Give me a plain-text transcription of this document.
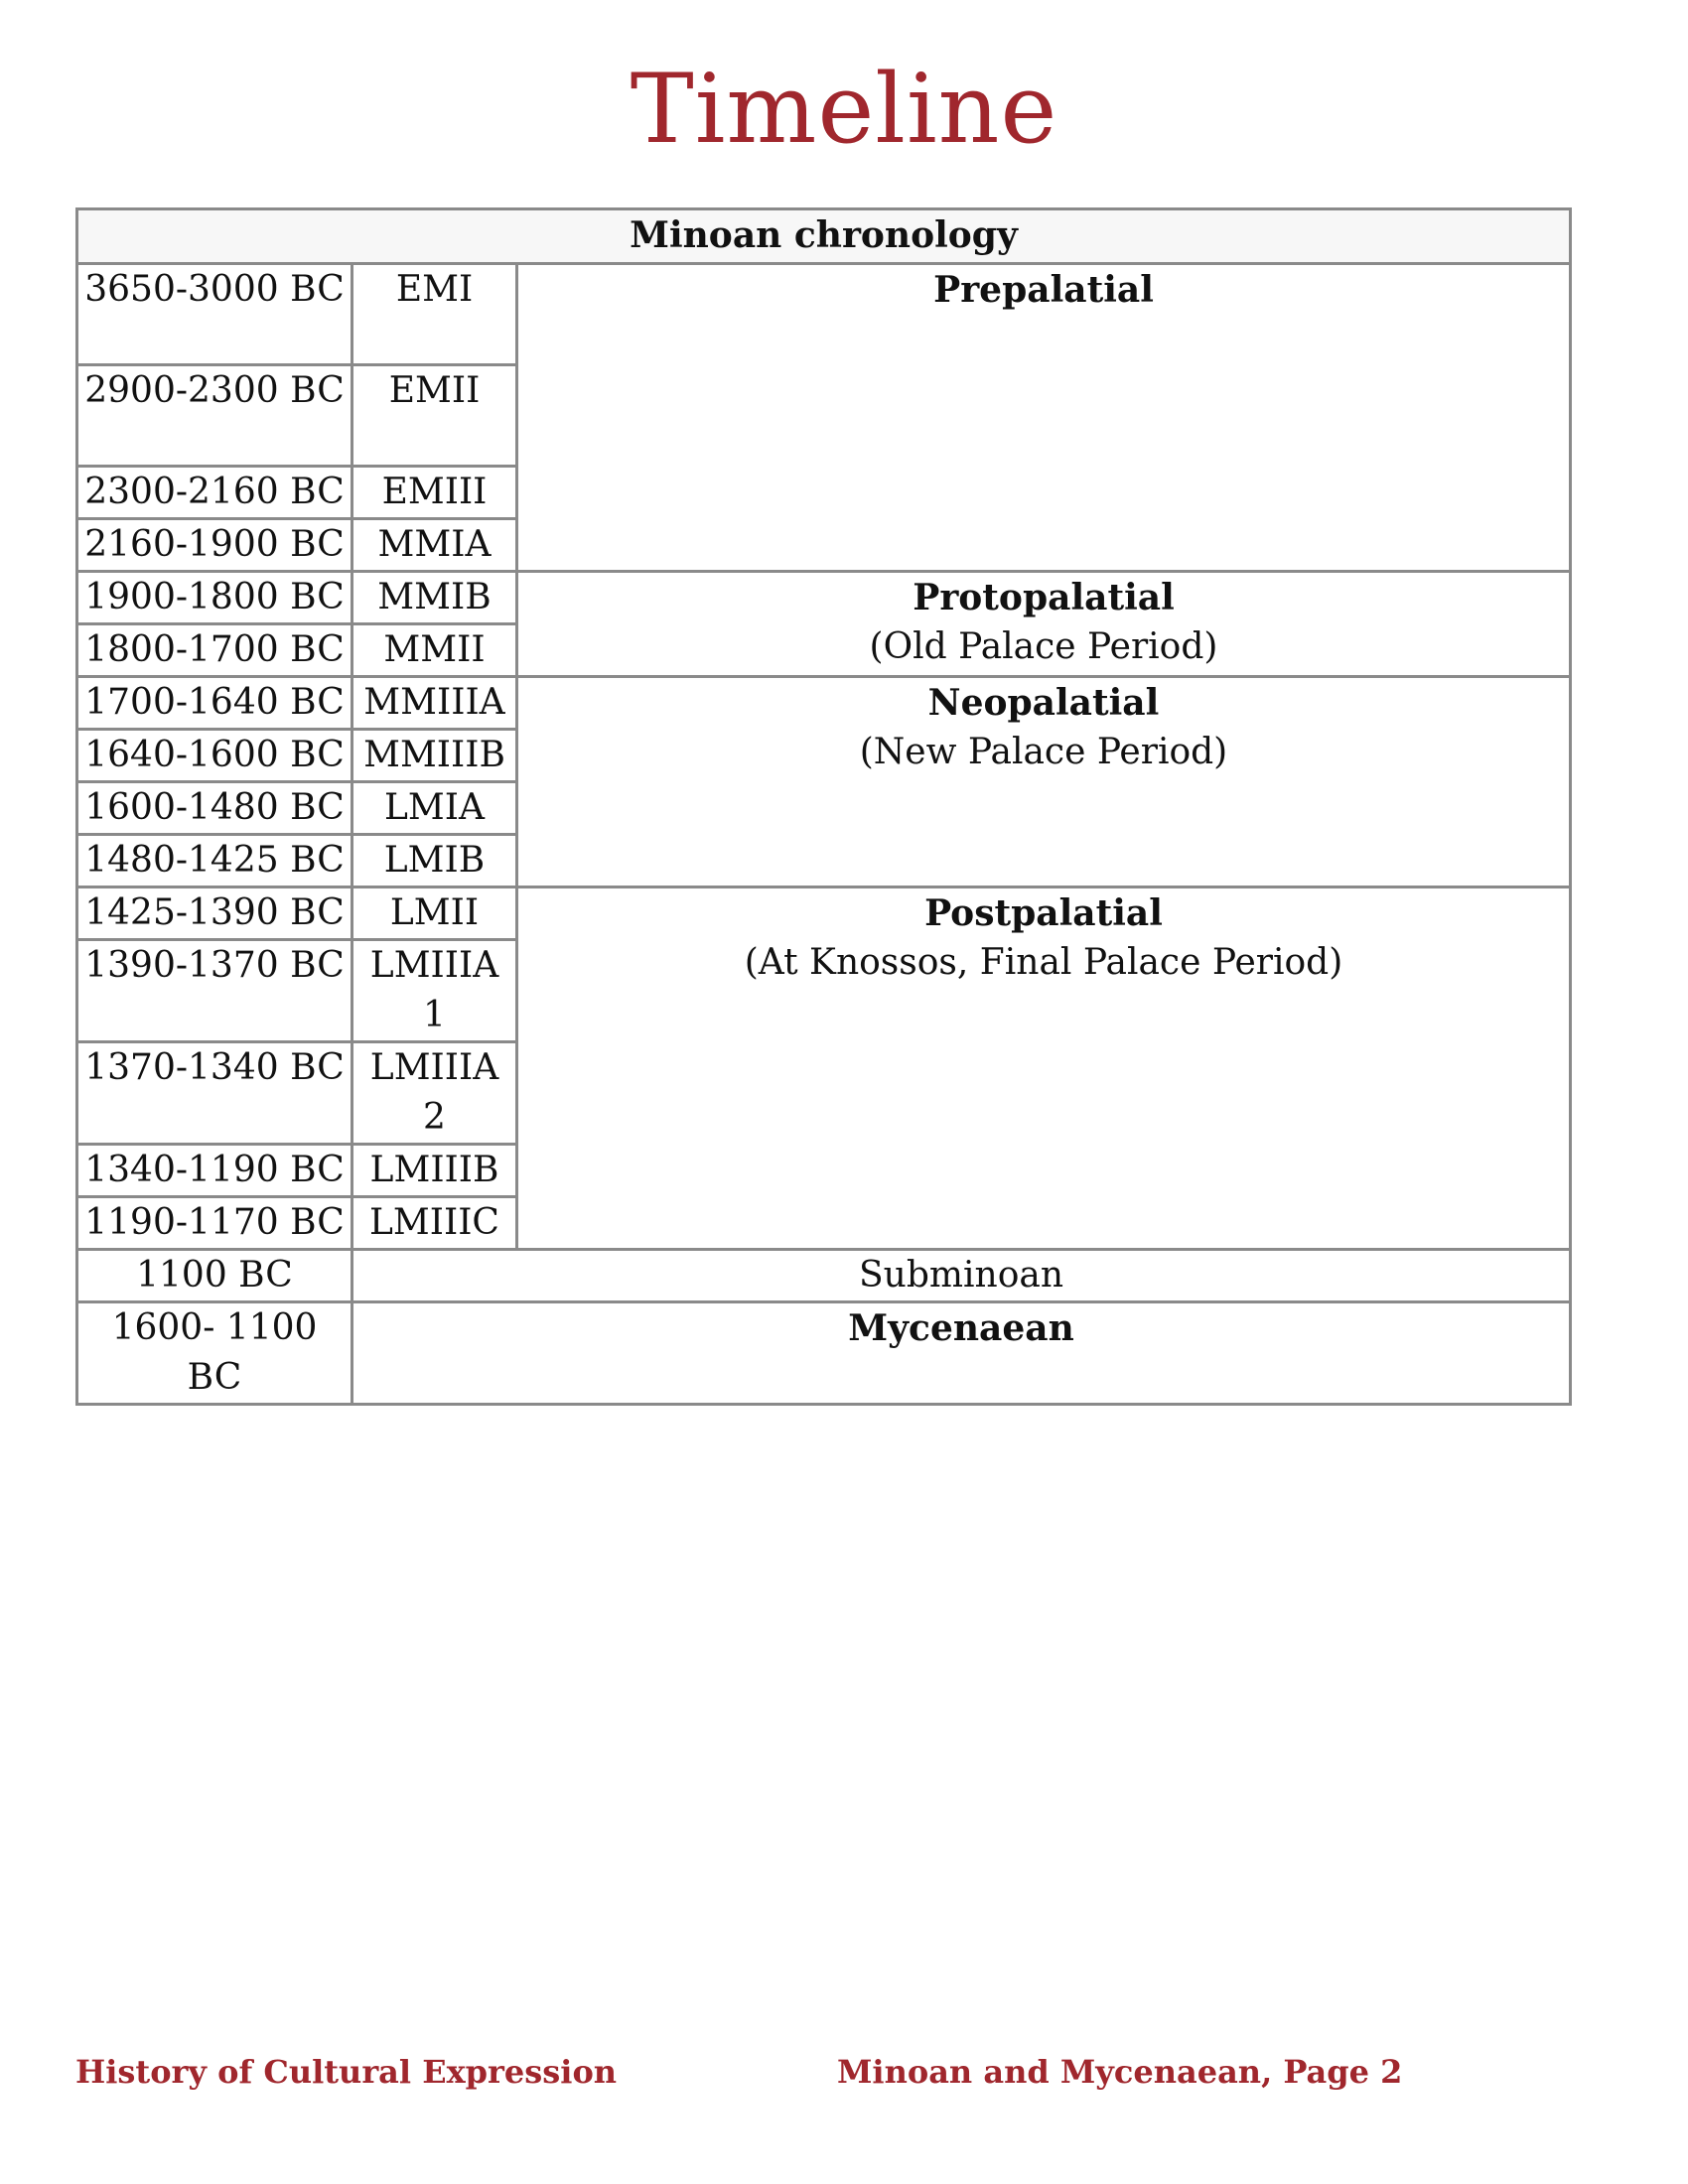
Timeline
Minoan chronology		
3650-3000 BC	EMI	Prepalatial

2900-2300 BC	EMII	
2300-2160 BC	EMIII	
2160-1900 BC	MMIA	
1900-1800 BC	MMIB	Protopalatial
(Old Palace Period)

1800-1700 BC	MMII	
1700-1640 BC	MMIIIA	Neopalatial
(New Palace Period)

1640-1600 BC	MMIIIB	
1600-1480 BC	LMIA	
1480-1425 BC	LMIB	
1425-1390 BC	LMII	Postpalatial
(At Knossos, Final Palace Period)

1390-1370 BC	LMIIIA 1	
1370-1340 BC	LMIIIA 2	
1340-1190 BC	LMIIIB	
1190-1170 BC	LMIIIC	
1100 BC	Subminoan	

1600- 1100 BC	Mycenaean	
History of Cultural Expression	Minoan and Mycenaean, Page 2
